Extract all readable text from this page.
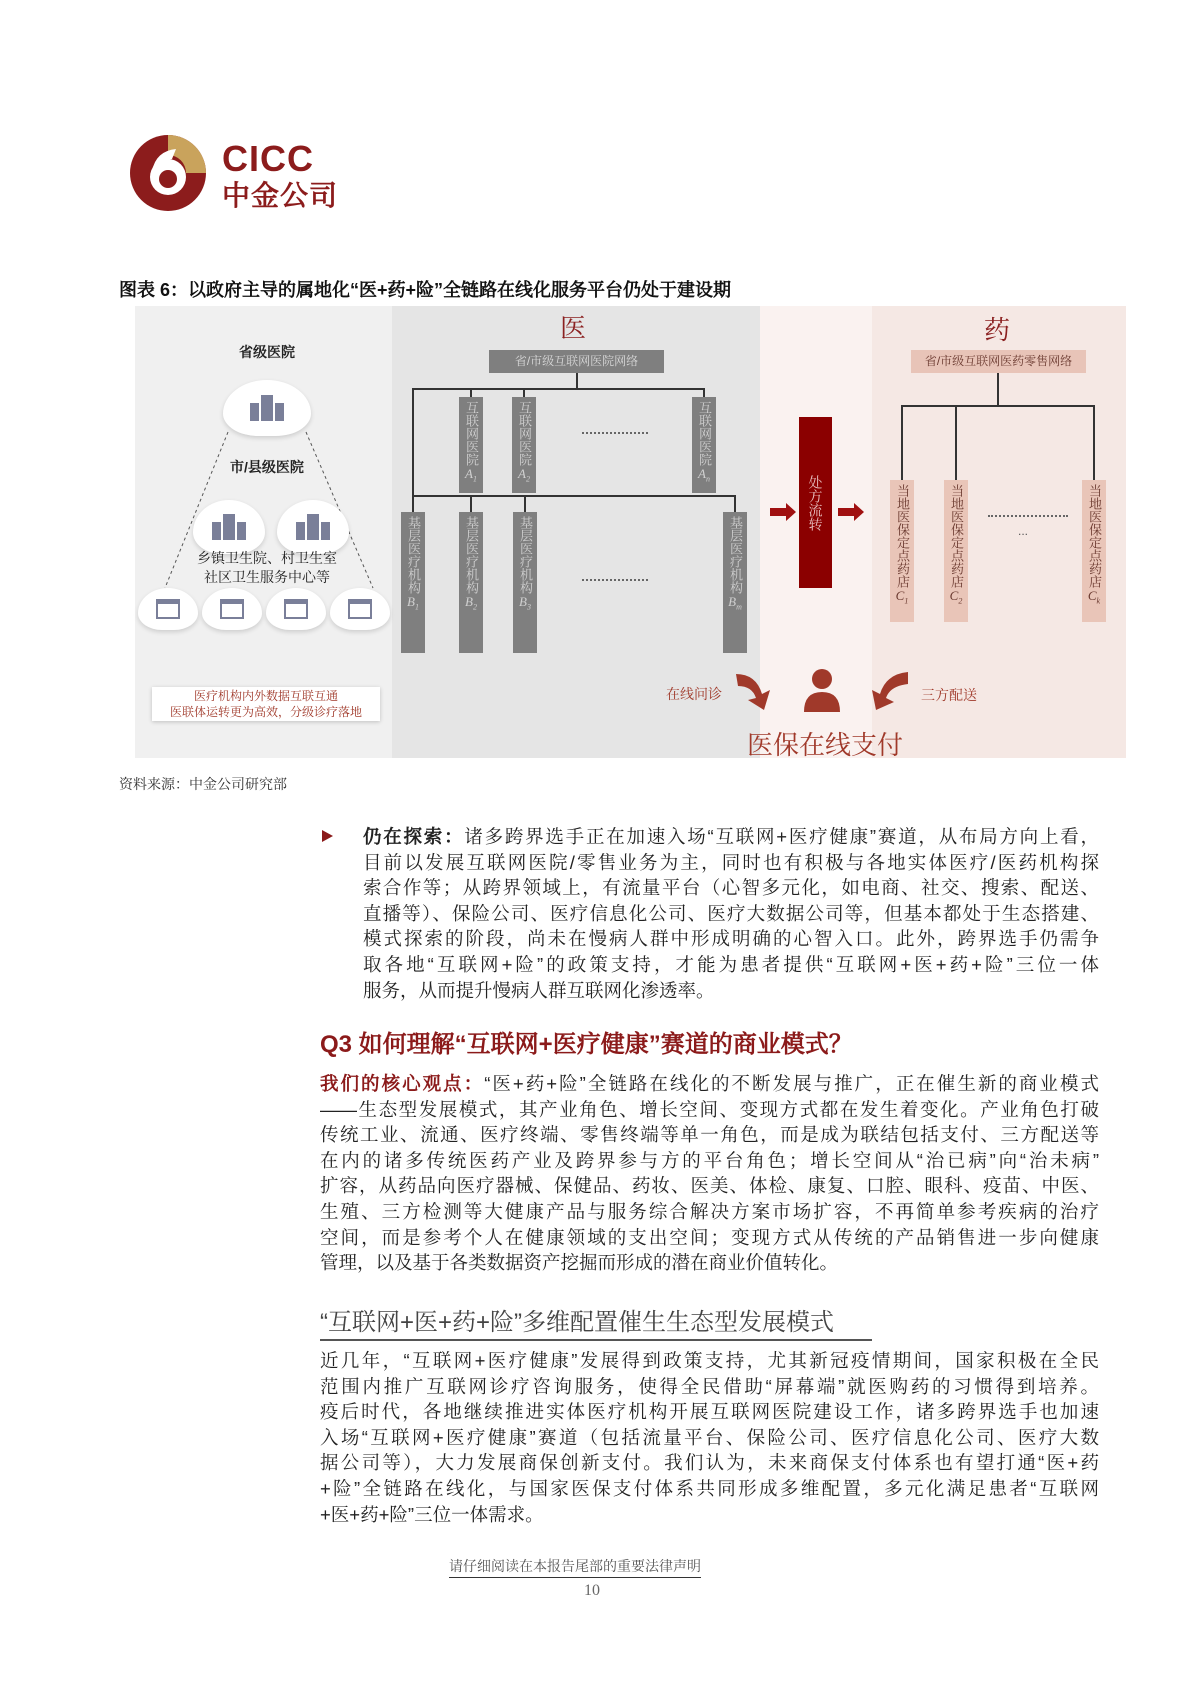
CICC
中金公司
图表 6：以政府主导的属地化“医+药+险”全链路在线化服务平台仍处于建设期
省级医院
市/县级医院
乡镇卫生院、村卫生室
社区卫生服务中心等
医疗机构内外数据互联互通
医联体运转更为高效，分级诊疗落地
医
省/市级互联网医院网络
互联网医院
$A_1$
互联网医院
$A_2$
互联网医院
$A_n$
基层医疗机构
$B_1$
基层医疗机构
$B_2$
基层医疗机构
$B_3$
基层医疗机构
$B_m$
处方流转
药
省/市级互联网医药零售网络
当地医保定点药店
$C_1$
当地医保定点药店
$C_2$
当地医保定点药店
$C_k$
...
在线问诊	三方配送
医保在线支付
资料来源：中金公司研究部
仍在探索：诸多跨界选手正在加速入场“互联网+医疗健康”赛道，从布局方向上看，
目前以发展互联网医院/零售业务为主，同时也有积极与各地实体医疗/医药机构探
索合作等；从跨界领域上，有流量平台（心智多元化，如电商、社交、搜索、配送、
直播等）、保险公司、医疗信息化公司、医疗大数据公司等，但基本都处于生态搭建、
模式探索的阶段，尚未在慢病人群中形成明确的心智入口。此外，跨界选手仍需争
取各地“互联网+险”的政策支持，才能为患者提供“互联网+医+药+险”三位一体
服务，从而提升慢病人群互联网化渗透率。
Q3 如何理解“互联网+医疗健康”赛道的商业模式？
我们的核心观点：“医+药+险”全链路在线化的不断发展与推广，正在催生新的商业模式
——生态型发展模式，其产业角色、增长空间、变现方式都在发生着变化。产业角色打破
传统工业、流通、医疗终端、零售终端等单一角色，而是成为联结包括支付、三方配送等
在内的诸多传统医药产业及跨界参与方的平台角色；增长空间从“治已病”向“治未病”
扩容，从药品向医疗器械、保健品、药妆、医美、体检、康复、口腔、眼科、疫苗、中医、
生殖、三方检测等大健康产品与服务综合解决方案市场扩容，不再简单参考疾病的治疗
空间，而是参考个人在健康领域的支出空间；变现方式从传统的产品销售进一步向健康
管理，以及基于各类数据资产挖掘而形成的潜在商业价值转化。
“互联网+医+药+险”多维配置催生生态型发展模式
近几年，“互联网+医疗健康”发展得到政策支持，尤其新冠疫情期间，国家积极在全民
范围内推广互联网诊疗咨询服务，使得全民借助“屏幕端”就医购药的习惯得到培养。
疫后时代，各地继续推进实体医疗机构开展互联网医院建设工作，诸多跨界选手也加速
入场“互联网+医疗健康”赛道（包括流量平台、保险公司、医疗信息化公司、医疗大数
据公司等），大力发展商保创新支付。我们认为，未来商保支付体系也有望打通“医+药
+险”全链路在线化，与国家医保支付体系共同形成多维配置，多元化满足患者“互联网
+医+药+险”三位一体需求。
请仔细阅读在本报告尾部的重要法律声明
10
